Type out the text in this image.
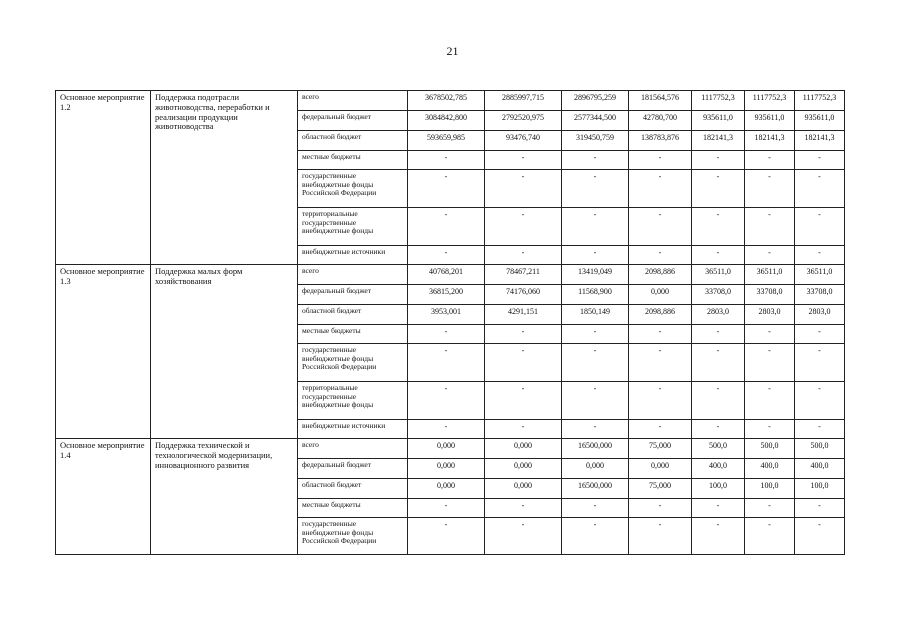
21
Основное мероприятие 1.2	Поддержка подотрасли животноводства, переработки и реализации продукции животноводства	всего	3678502,785	2885997,715	2896795,259	181564,576	1117752,3	1117752,3	1117752,3
		федеральный бюджет	3084842,800	2792520,975	2577344,500	42780,700	935611,0	935611,0	935611,0
		областной бюджет	593659,985	93476,740	319450,759	138783,876	182141,3	182141,3	182141,3
		местные бюджеты	-	-	-	-	-	-	-
		государственные внебюджетные фонды Российской Федерации	-	-	-	-	-	-	-
		территориальные государственные внебюджетные фонды	-	-	-	-	-	-	-
		внебюджетные источники	-	-	-	-	-	-	-
Основное мероприятие 1.3	Поддержка малых форм хозяйствования	всего	40768,201	78467,211	13419,049	2098,886	36511,0	36511,0	36511,0
		федеральный бюджет	36815,200	74176,060	11568,900	0,000	33708,0	33708,0	33708,0
		областной бюджет	3953,001	4291,151	1850,149	2098,886	2803,0	2803,0	2803,0
		местные бюджеты	-	-	-	-	-	-	-
		государственные внебюджетные фонды Российской Федерации	-	-	-	-	-	-	-
		территориальные государственные внебюджетные фонды	-	-	-	-	-	-	-
		внебюджетные источники	-	-	-	-	-	-	-
Основное мероприятие 1.4	Поддержка технической и технологической модернизации, инновационного развития	всего	0,000	0,000	16500,000	75,000	500,0	500,0	500,0
		федеральный бюджет	0,000	0,000	0,000	0,000	400,0	400,0	400,0
		областной бюджет	0,000	0,000	16500,000	75,000	100,0	100,0	100,0
		местные бюджеты	-	-	-	-	-	-	-
		государственные внебюджетные фонды Российской Федерации	-	-	-	-	-	-	-
